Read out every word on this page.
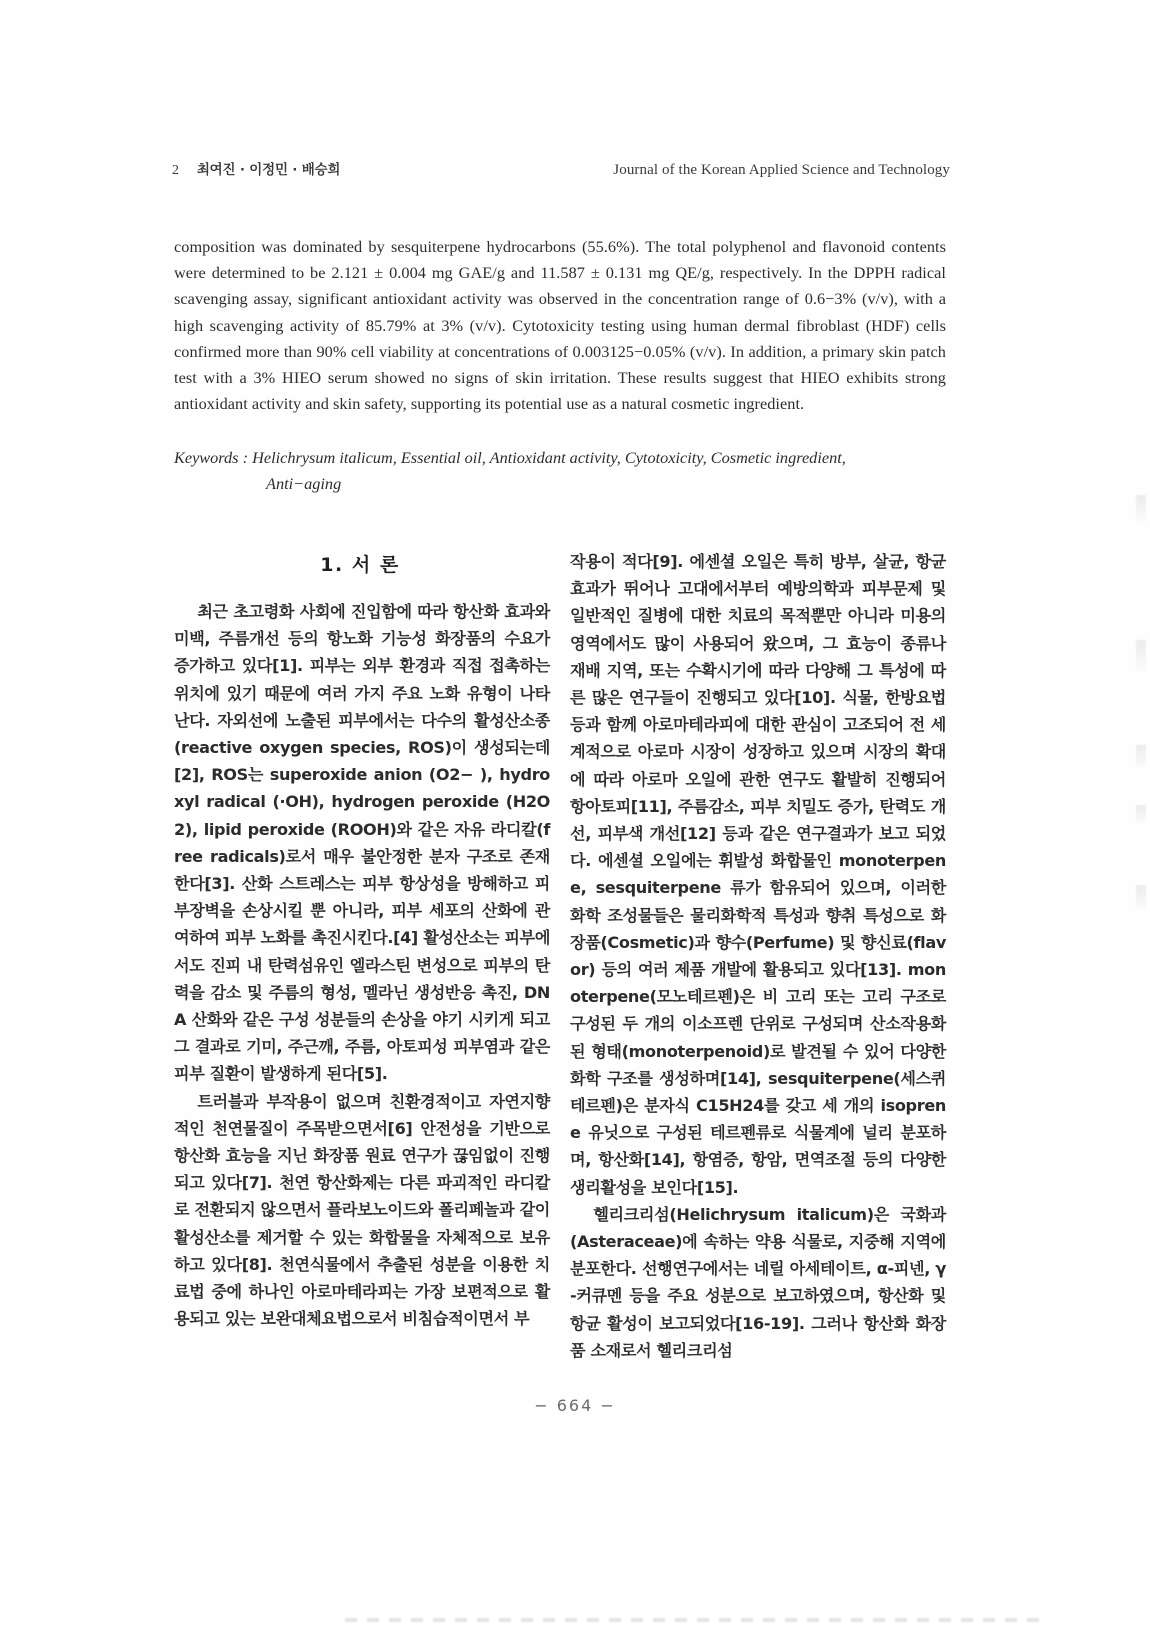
2 최여진 · 이정민 · 배승희	Journal of the Korean Applied Science and Technology

composition was dominated by sesquiterpene hydrocarbons (55.6%). The total polyphenol and flavonoid contents were determined to be 2.121 ± 0.004 mg GAE/g and 11.587 ± 0.131 mg QE/g, respectively. In the DPPH radical scavenging assay, significant antioxidant activity was observed in the concentration range of 0.6−3% (v/v), with a high scavenging activity of 85.79% at 3% (v/v). Cytotoxicity testing using human dermal fibroblast (HDF) cells confirmed more than 90% cell viability at concentrations of 0.003125−0.05% (v/v). In addition, a primary skin patch test with a 3% HIEO serum showed no signs of skin irritation. These results suggest that HIEO exhibits strong antioxidant activity and skin safety, supporting its potential use as a natural cosmetic ingredient.

Keywords : Helichrysum italicum, Essential oil, Antioxidant activity, Cytotoxicity, Cosmetic ingredient,
Anti−aging
1. 서 론

최근 초고령화 사회에 진입함에 따라 항산화 효과와 미백, 주름개선 등의 항노화 기능성 화장품의 수요가 증가하고 있다[1]. 피부는 외부 환경과 직접 접촉하는 위치에 있기 때문에 여러 가지 주요 노화 유형이 나타난다. 자외선에 노출된 피부에서는 다수의 활성산소종(reactive oxygen species, ROS)이 생성되는데[2], ROS는 superoxide anion (O2− ), hydroxyl radical (·OH), hydrogen peroxide (H2O2), lipid peroxide (ROOH)와 같은 자유 라디칼(free radicals)로서 매우 불안정한 분자 구조로 존재한다[3]. 산화 스트레스는 피부 항상성을 방해하고 피부장벽을 손상시킬 뿐 아니라, 피부 세포의 산화에 관여하여 피부 노화를 촉진시킨다.[4] 활성산소는 피부에서도 진피 내 탄력섬유인 엘라스틴 변성으로 피부의 탄력을 감소 및 주름의 형성, 멜라닌 생성반응 촉진, DNA 산화와 같은 구성 성분들의 손상을 야기 시키게 되고 그 결과로 기미, 주근깨, 주름, 아토피성 피부염과 같은 피부 질환이 발생하게 된다[5].

트러블과 부작용이 없으며 친환경적이고 자연지향적인 천연물질이 주목받으면서[6] 안전성을 기반으로 항산화 효능을 지닌 화장품 원료 연구가 끊임없이 진행되고 있다[7]. 천연 항산화제는 다른 파괴적인 라디칼로 전환되지 않으면서 플라보노이드와 폴리페놀과 같이 활성산소를 제거할 수 있는 화합물을 자체적으로 보유하고 있다[8]. 천연식물에서 추출된 성분을 이용한 치료법 중에 하나인 아로마테라피는 가장 보편적으로 활용되고 있는 보완대체요법으로서 비침습적이면서 부

작용이 적다[9]. 에센셜 오일은 특히 방부, 살균, 항균 효과가 뛰어나 고대에서부터 예방의학과 피부문제 및 일반적인 질병에 대한 치료의 목적뿐만 아니라 미용의 영역에서도 많이 사용되어 왔으며, 그 효능이 종류나 재배 지역, 또는 수확시기에 따라 다양해 그 특성에 따른 많은 연구들이 진행되고 있다[10]. 식물, 한방요법 등과 함께 아로마테라피에 대한 관심이 고조되어 전 세계적으로 아로마 시장이 성장하고 있으며 시장의 확대에 따라 아로마 오일에 관한 연구도 활발히 진행되어 항아토피[11], 주름감소, 피부 치밀도 증가, 탄력도 개선, 피부색 개선[12] 등과 같은 연구결과가 보고 되었다. 에센셜 오일에는 휘발성 화합물인 monoterpene, sesquiterpene 류가 함유되어 있으며, 이러한 화학 조성물들은 물리화학적 특성과 향취 특성으로 화장품(Cosmetic)과 향수(Perfume) 및 향신료(flavor) 등의 여러 제품 개발에 활용되고 있다[13]. monoterpene(모노테르펜)은 비 고리 또는 고리 구조로 구성된 두 개의 이소프렌 단위로 구성되며 산소작용화 된 형태(monoterpenoid)로 발견될 수 있어 다양한 화학 구조를 생성하며[14], sesquiterpene(세스퀴테르펜)은 분자식 C15H24를 갖고 세 개의 isoprene 유닛으로 구성된 테르펜류로 식물계에 널리 분포하며, 항산화[14], 항염증, 항암, 면역조절 등의 다양한 생리활성을 보인다[15].

헬리크리섬(Helichrysum italicum)은 국화과(Asteraceae)에 속하는 약용 식물로, 지중해 지역에 분포한다. 선행연구에서는 네릴 아세테이트, α-피넨, γ-커큐멘 등을 주요 성분으로 보고하였으며, 항산화 및 항균 활성이 보고되었다[16-19]. 그러나 항산화 화장품 소재로서 헬리크리섬

− 664 −
